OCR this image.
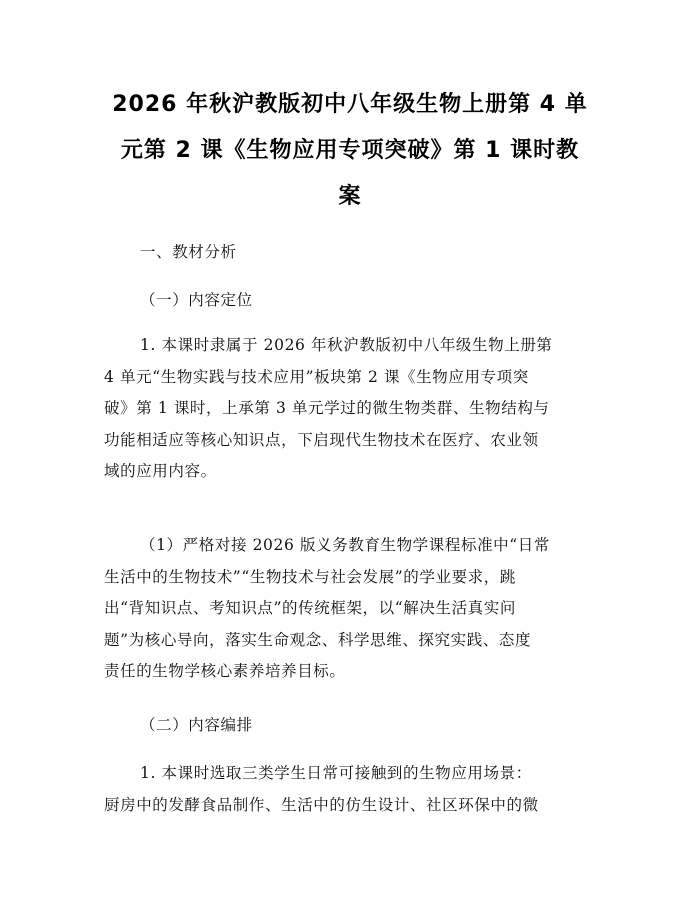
2026 年秋沪教版初中八年级生物上册第 4 单
元第 2 课《生物应用专项突破》第 1 课时教
案
一、教材分析
（一）内容定位
1. 本课时隶属于 2026 年秋沪教版初中八年级生物上册第
4 单元“生物实践与技术应用”板块第 2 课《生物应用专项突
破》第 1 课时，上承第 3 单元学过的微生物类群、生物结构与
功能相适应等核心知识点，下启现代生物技术在医疗、农业领
域的应用内容。
（1）严格对接 2026 版义务教育生物学课程标准中“日常
生活中的生物技术”“生物技术与社会发展”的学业要求，跳
出“背知识点、考知识点”的传统框架，以“解决生活真实问
题”为核心导向，落实生命观念、科学思维、探究实践、态度
责任的生物学核心素养培养目标。
（二）内容编排
1. 本课时选取三类学生日常可接触到的生物应用场景：
厨房中的发酵食品制作、生活中的仿生设计、社区环保中的微
